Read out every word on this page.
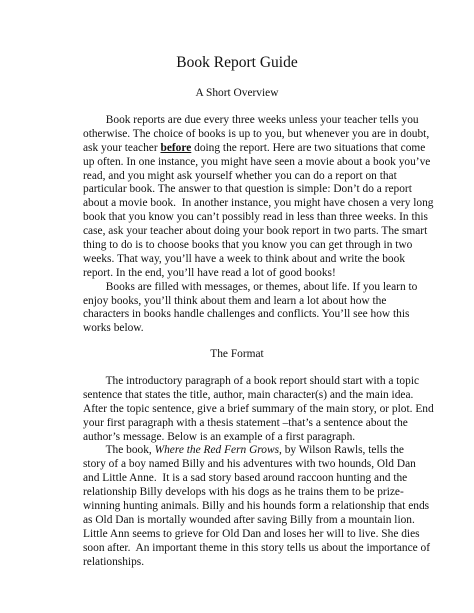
Book Report Guide
A Short Overview
Book reports are due every three weeks unless your teacher tells you
otherwise. The choice of books is up to you, but whenever you are in doubt,
ask your teacher before doing the report. Here are two situations that come
up often. In one instance, you might have seen a movie about a book you’ve
read, and you might ask yourself whether you can do a report on that
particular book. The answer to that question is simple: Don’t do a report
about a movie book.  In another instance, you might have chosen a very long
book that you know you can’t possibly read in less than three weeks. In this
case, ask your teacher about doing your book report in two parts. The smart
thing to do is to choose books that you know you can get through in two
weeks. That way, you’ll have a week to think about and write the book
report. In the end, you’ll have read a lot of good books!
Books are filled with messages, or themes, about life. If you learn to
enjoy books, you’ll think about them and learn a lot about how the
characters in books handle challenges and conflicts. You’ll see how this
works below.
The Format
The introductory paragraph of a book report should start with a topic
sentence that states the title, author, main character(s) and the main idea.
After the topic sentence, give a brief summary of the main story, or plot. End
your first paragraph with a thesis statement –that’s a sentence about the
author’s message. Below is an example of a first paragraph.
The book, Where the Red Fern Grows, by Wilson Rawls, tells the
story of a boy named Billy and his adventures with two hounds, Old Dan
and Little Anne.  It is a sad story based around raccoon hunting and the
relationship Billy develops with his dogs as he trains them to be prize-
winning hunting animals. Billy and his hounds form a relationship that ends
as Old Dan is mortally wounded after saving Billy from a mountain lion.
Little Ann seems to grieve for Old Dan and loses her will to live. She dies
soon after.  An important theme in this story tells us about the importance of
relationships.
